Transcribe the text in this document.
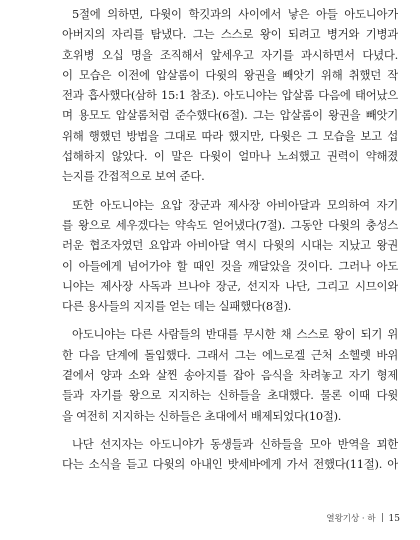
5절에 의하면, 다윗이 학깃과의 사이에서 낳은 아들 아도니아가
아버지의 자리를 탐냈다. 그는 스스로 왕이 되려고 병거와 기병과
호위병 오십 명을 조직해서 앞세우고 자기를 과시하면서 다녔다.
이 모습은 이전에 압살롬이 다윗의 왕권을 빼앗기 위해 취했던 작
전과 흡사했다(삼하 15:1 참조). 아도니야는 압살롬 다음에 태어났으
며 용모도 압살롬처럼 준수했다(6절). 그는 압살롬이 왕권을 빼앗기
위해 행했던 방법을 그대로 따라 했지만, 다윗은 그 모습을 보고 섭
섭해하지 않았다. 이 말은 다윗이 얼마나 노쇠했고 권력이 약해졌
는지를 간접적으로 보여 준다.
또한 아도니야는 요압 장군과 제사장 아비아달과 모의하여 자기
를 왕으로 세우겠다는 약속도 얻어냈다(7절). 그동안 다윗의 충성스
러운 협조자였던 요압과 아비아달 역시 다윗의 시대는 지났고 왕권
이 아들에게 넘어가야 할 때인 것을 깨달았을 것이다. 그러나 아도
니야는 제사장 사독과 브나야 장군, 선지자 나단, 그리고 시므이와
다른 용사들의 지지를 얻는 데는 실패했다(8절).
아도니야는 다른 사람들의 반대를 무시한 채 스스로 왕이 되기 위
한 다음 단계에 돌입했다. 그래서 그는 에느로겔 근처 소헬렛 바위
곁에서 양과 소와 살찐 송아지를 잡아 음식을 차려놓고 자기 형제
들과 자기를 왕으로 지지하는 신하들을 초대했다. 물론 이때 다윗
을 여전히 지지하는 신하들은 초대에서 배제되었다(10절).
나단 선지자는 아도니야가 동생들과 신하들을 모아 반역을 꾀한
다는 소식을 듣고 다윗의 아내인 밧세바에게 가서 전했다(11절). 아
열왕기상 · 하 15
